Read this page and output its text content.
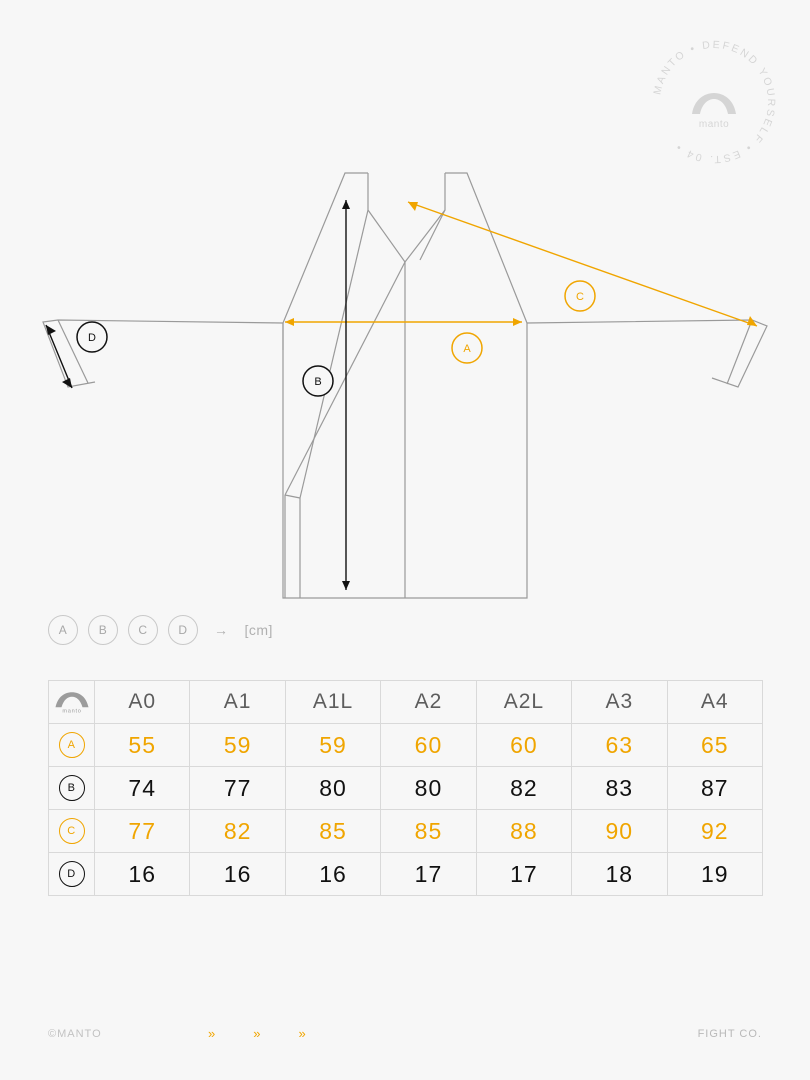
MANTO • DEFEND YOURSELF • EST. 04 •
manto
A
B
C
D
A	B	C	D	→ [cm]
manto	A0	A1	A1L	A2	A2L	A3	A4
A	55	59	59	60	60	63	65
B	74	77	80	80	82	83	87
C	77	82	85	85	88	90	92
D	16	16	16	17	17	18	19
©MANTO	»	»	»	FIGHT CO.
